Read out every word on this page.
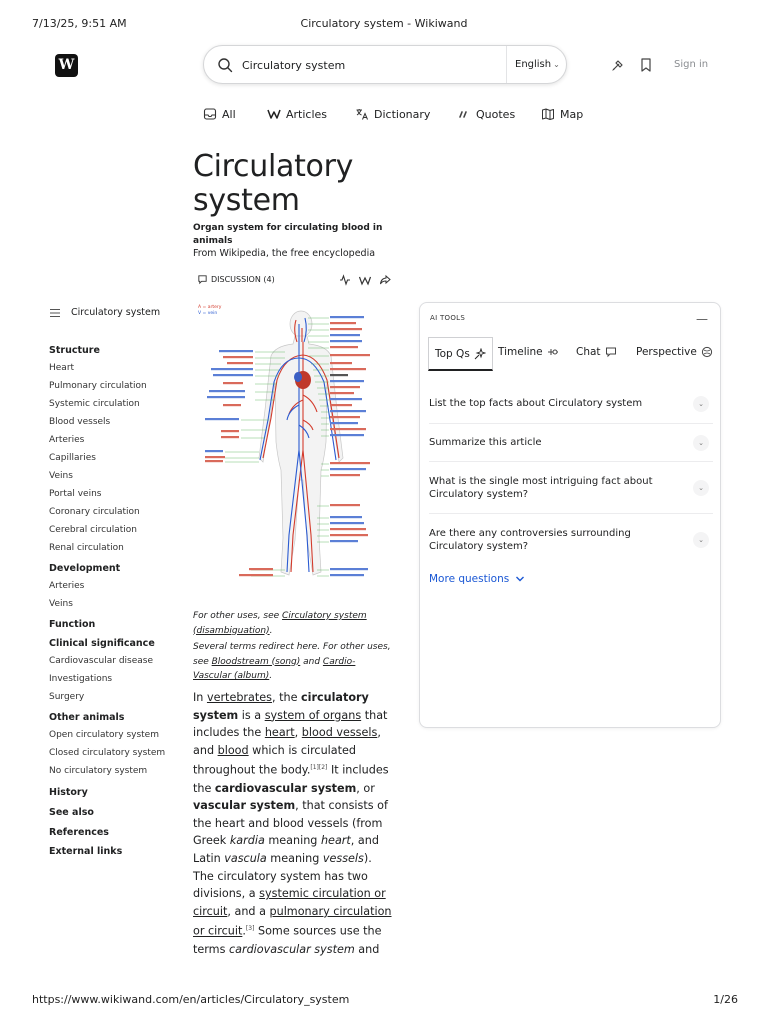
7/13/25, 9:51 AM	Circulatory system - Wikiwand
W
Circulatory system	English ⌄	Sign in
All	Articles	Dictionary	Quotes	Map
Circulatory system
Organ system for circulating blood in animals
From Wikipedia, the free encyclopedia
DISCUSSION (4)
Circulatory system
Structure
Heart
Pulmonary circulation
Systemic circulation
Blood vessels
Arteries
Capillaries
Veins
Portal veins
Coronary circulation
Cerebral circulation
Renal circulation
Development
Arteries
Veins
Function
Clinical significance
Cardiovascular disease
Investigations
Surgery
Other animals
Open circulatory system
Closed circulatory system
No circulatory system
History
See also
References
External links
A = artery
V = vein
For other uses, see Circulatory system (disambiguation).
Several terms redirect here. For other uses, see Bloodstream (song) and Cardio-Vascular (album).
In vertebrates, the circulatory system is a system of organs that includes the heart, blood vessels, and blood which is circulated throughout the body.[1][2] It includes the cardiovascular system, or vascular system, that consists of the heart and blood vessels (from Greek kardia meaning heart, and Latin vascula meaning vessels). The circulatory system has two divisions, a systemic circulation or circuit, and a pulmonary circulation or circuit.[3] Some sources use the terms cardiovascular system and
AI TOOLS	—
Top Qs	Timeline	Chat	Perspective
List the top facts about Circulatory system	⌄
Summarize this article	⌄
What is the single most intriguing fact about Circulatory system?
⌄
Are there any controversies surrounding Circulatory system?
⌄
More questions
https://www.wikiwand.com/en/articles/Circulatory_system	1/26
